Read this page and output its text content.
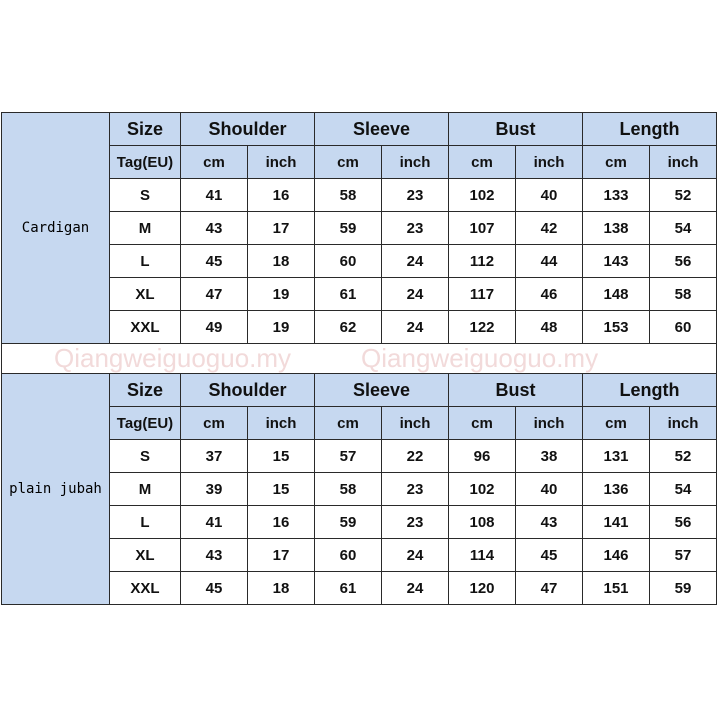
Cardigan
Size	Shoulder	Sleeve	Bust	Length
Tag(EU)	cm	inch	cm	inch	cm	inch	cm	inch
S	41	16	58	23	102	40	133	52
M	43	17	59	23	107	42	138	54
L	45	18	60	24	112	44	143	56
XL	47	19	61	24	117	46	148	58
XXL	49	19	62	24	122	48	153	60
Qiangweiguoguo.my	Qiangweiguoguo.my
plain jubah
Size	Shoulder	Sleeve	Bust	Length
Tag(EU)	cm	inch	cm	inch	cm	inch	cm	inch
S	37	15	57	22	96	38	131	52
M	39	15	58	23	102	40	136	54
L	41	16	59	23	108	43	141	56
XL	43	17	60	24	114	45	146	57
XXL	45	18	61	24	120	47	151	59
